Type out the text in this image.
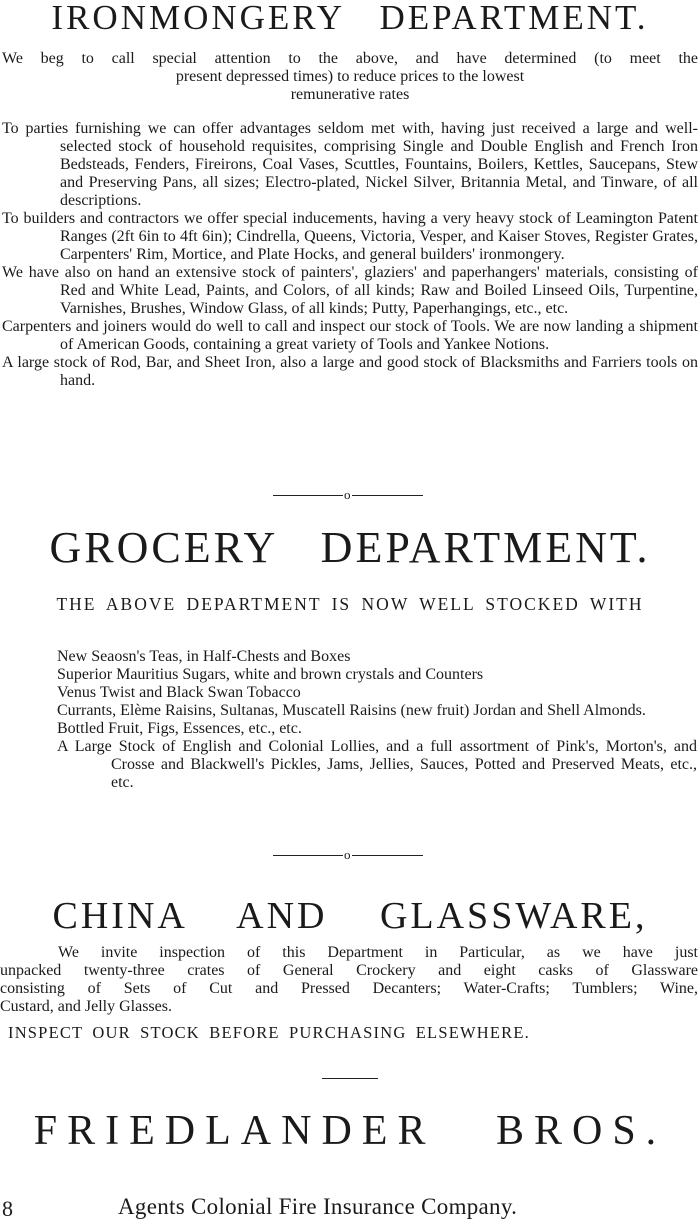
IRONMONGERY DEPARTMENT.
We beg to call special attention to the above, and have determined (to meet the
present depressed times) to reduce prices to the lowest
remunerative rates

To parties furnishing we can offer advantages seldom met with, having just received a large and well-selected stock of household requisites, comprising Single and Double English and French Iron Bedsteads, Fenders, Fireirons, Coal Vases, Scuttles, Fountains, Boilers, Kettles, Saucepans, Stew and Preserving Pans, all sizes; Electro-plated, Nickel Silver, Britannia Metal, and Tinware, of all descriptions.

To builders and contractors we offer special inducements, having a very heavy stock of Leamington Patent Ranges (2ft 6in to 4ft 6in); Cindrella, Queens, Victoria, Vesper, and Kaiser Stoves, Register Grates, Carpenters' Rim, Mortice, and Plate Hocks, and general builders' ironmongery.

We have also on hand an extensive stock of painters', glaziers' and paperhangers' materials, consisting of Red and White Lead, Paints, and Colors, of all kinds; Raw and Boiled Linseed Oils, Turpentine, Varnishes, Brushes, Window Glass, of all kinds; Putty, Paperhangings, etc., etc.

Carpenters and joiners would do well to call and inspect our stock of Tools. We are now landing a shipment of American Goods, containing a great variety of Tools and Yankee Notions.

A large stock of Rod, Bar, and Sheet Iron, also a large and good stock of Blacksmiths and Farriers tools on hand.

o
GROCERY DEPARTMENT.
THE ABOVE DEPARTMENT IS NOW WELL STOCKED WITH

New Seaosn's Teas, in Half-Chests and Boxes

Superior Mauritius Sugars, white and brown crystals and Counters

Venus Twist and Black Swan Tobacco

Currants, Elème Raisins, Sultanas, Muscatell Raisins (new fruit) Jordan and Shell Almonds.

Bottled Fruit, Figs, Essences, etc., etc.

A Large Stock of English and Colonial Lollies, and a full assortment of Pink's, Morton's, and Crosse and Blackwell's Pickles, Jams, Jellies, Sauces, Potted and Preserved Meats, etc., etc.

o
CHINA AND GLASSWARE,
We invite inspection of this Department in Particular, as we have just
unpacked twenty-three crates of General Crockery and eight casks of Glassware
consisting of Sets of Cut and Pressed Decanters; Water-Crafts; Tumblers; Wine,
Custard, and Jelly Glasses.
INSPECT OUR STOCK BEFORE PURCHASING ELSEWHERE.
FRIEDLANDER BROS.
8	Agents Colonial Fire Insurance Company.
